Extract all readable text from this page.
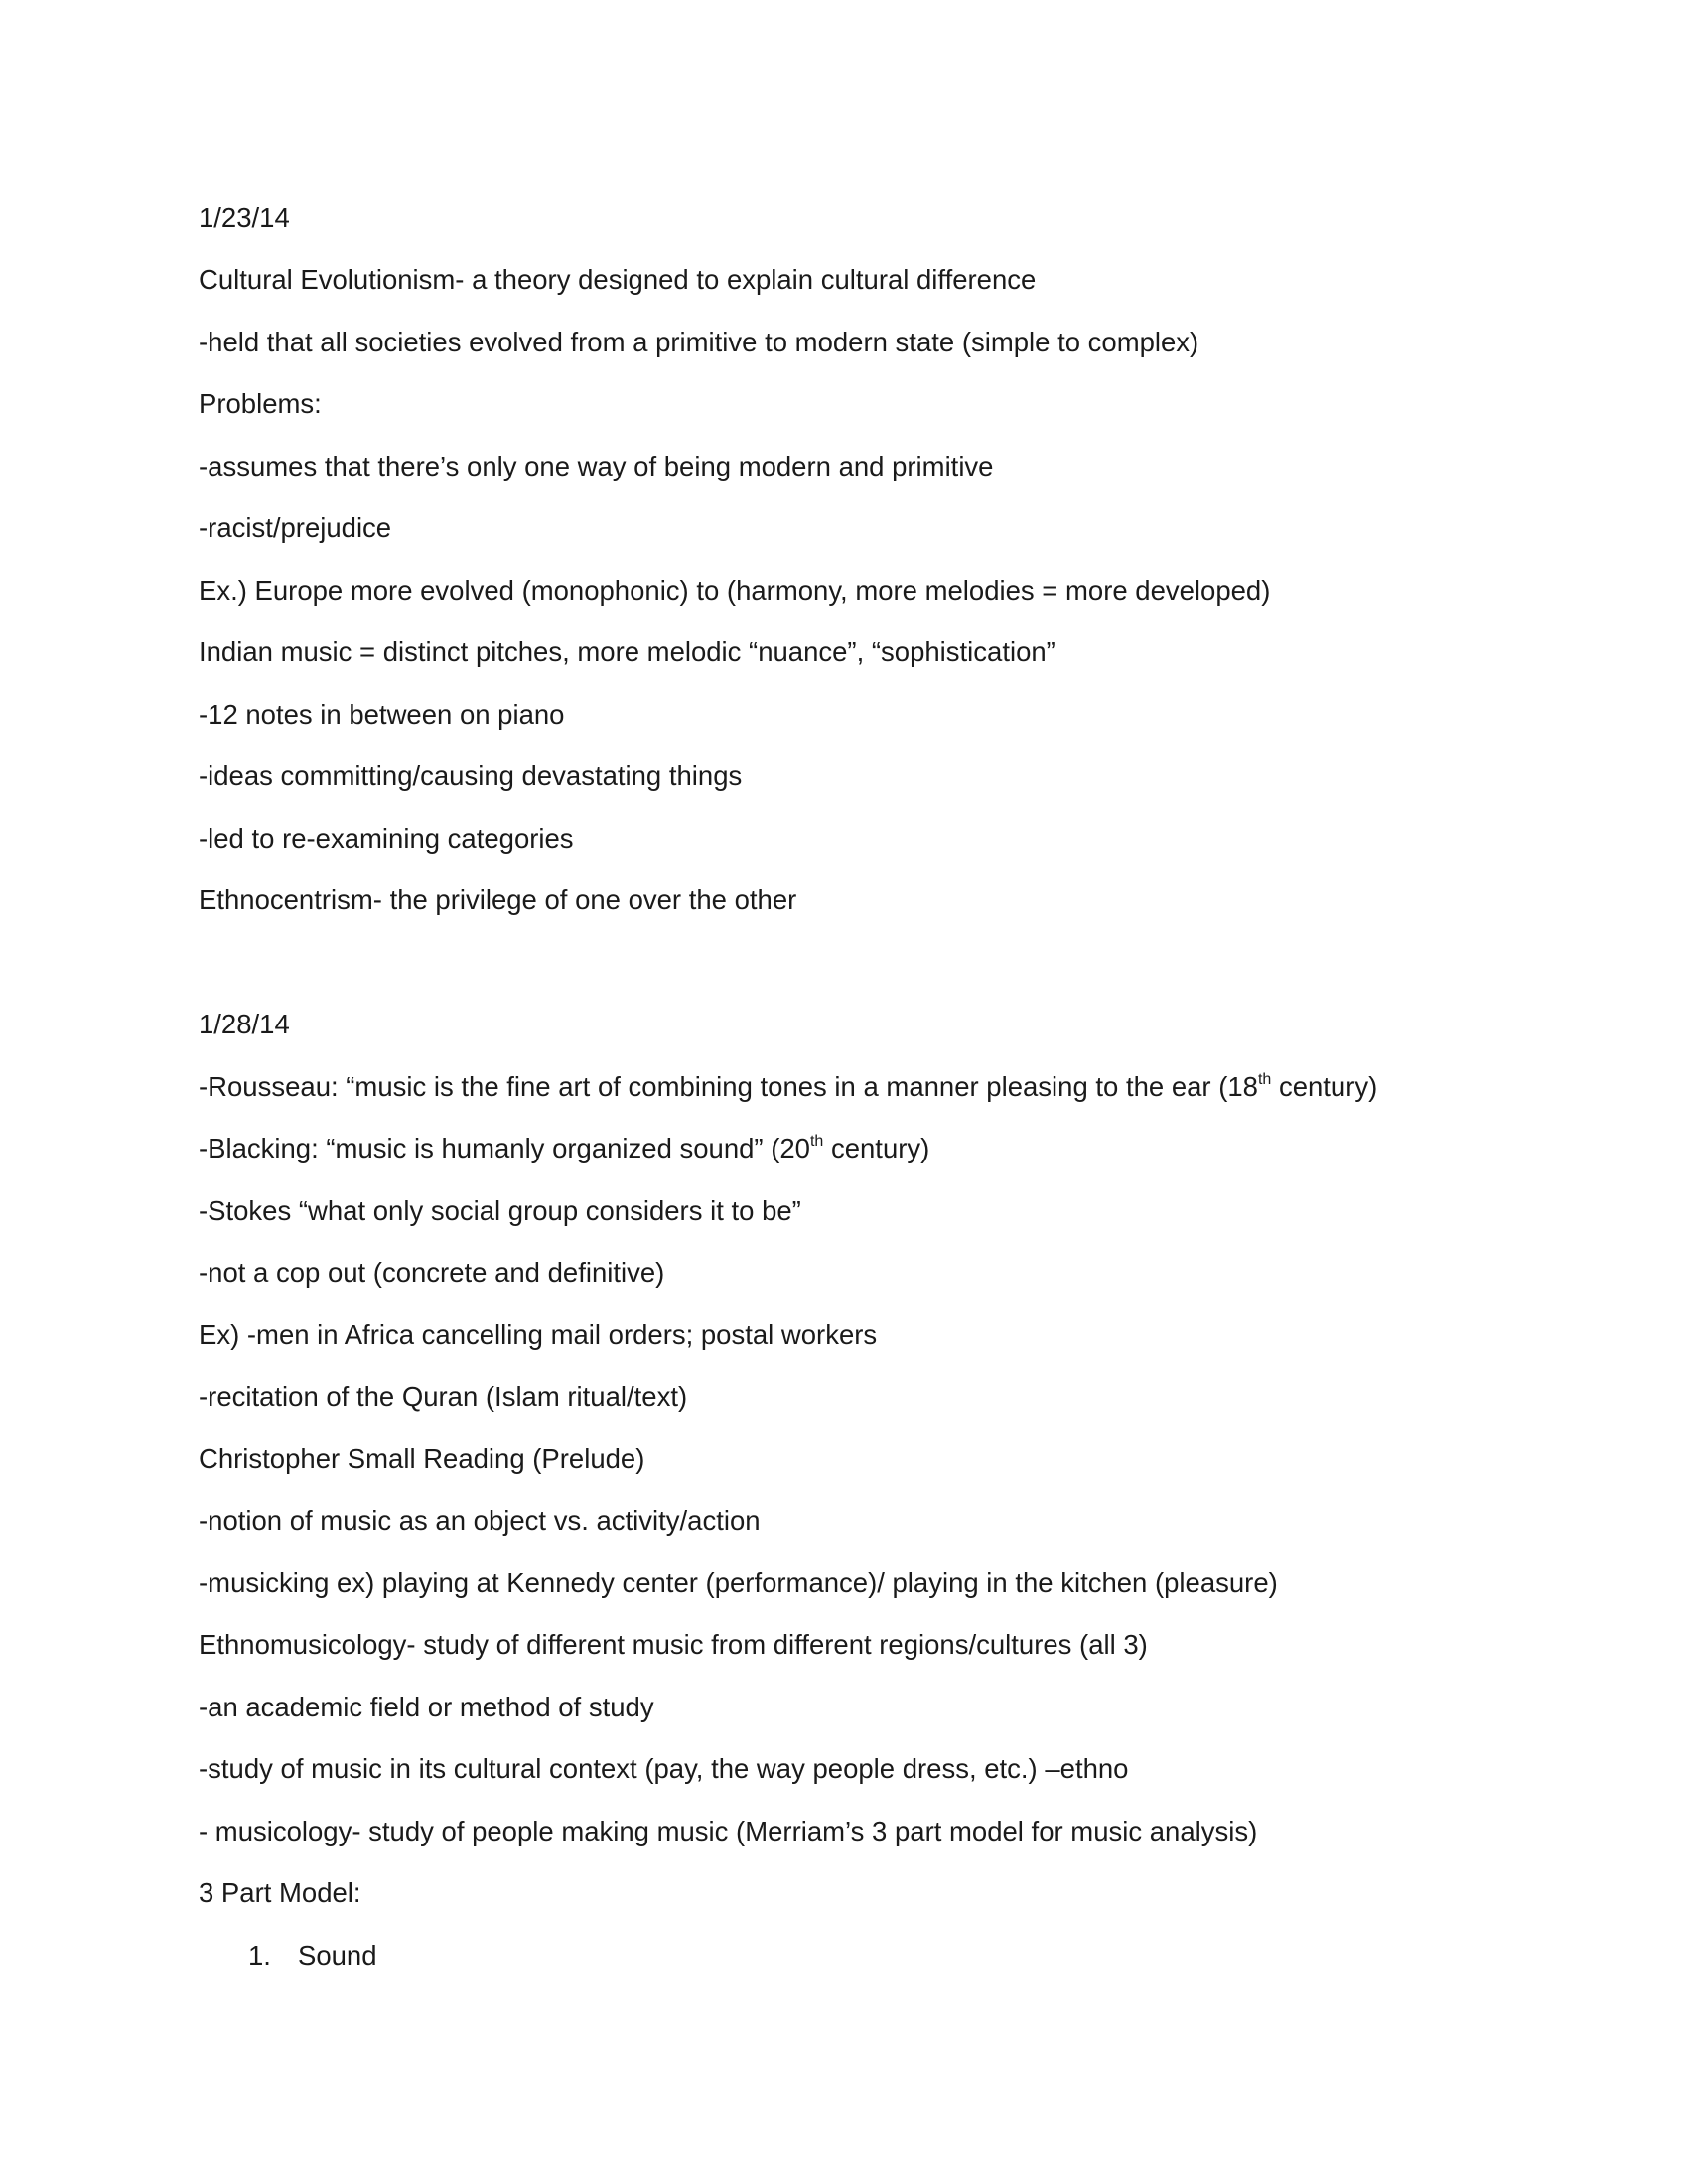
1/23/14

Cultural Evolutionism- a theory designed to explain cultural difference

-held that all societies evolved from a primitive to modern state (simple to complex)

Problems:

-assumes that there’s only one way of being modern and primitive

-racist/prejudice

Ex.) Europe more evolved (monophonic) to (harmony, more melodies = more developed)

Indian music = distinct pitches, more melodic “nuance”, “sophistication”

-12 notes in between on piano

-ideas committing/causing devastating things

-led to re-examining categories

Ethnocentrism- the privilege of one over the other

1/28/14

-Rousseau: “music is the fine art of combining tones in a manner pleasing to the ear (18th century)

-Blacking: “music is humanly organized sound” (20th century)

-Stokes “what only social group considers it to be”

-not a cop out (concrete and definitive)

Ex) -men in Africa cancelling mail orders; postal workers

-recitation of the Quran (Islam ritual/text)

Christopher Small Reading (Prelude)

-notion of music as an object vs. activity/action

-musicking ex) playing at Kennedy center (performance)/ playing in the kitchen (pleasure)

Ethnomusicology- study of different music from different regions/cultures (all 3)

-an academic field or method of study

-study of music in its cultural context (pay, the way people dress, etc.) –ethno

- musicology- study of people making music (Merriam’s 3 part model for music analysis)

3 Part Model:

1. Sound
